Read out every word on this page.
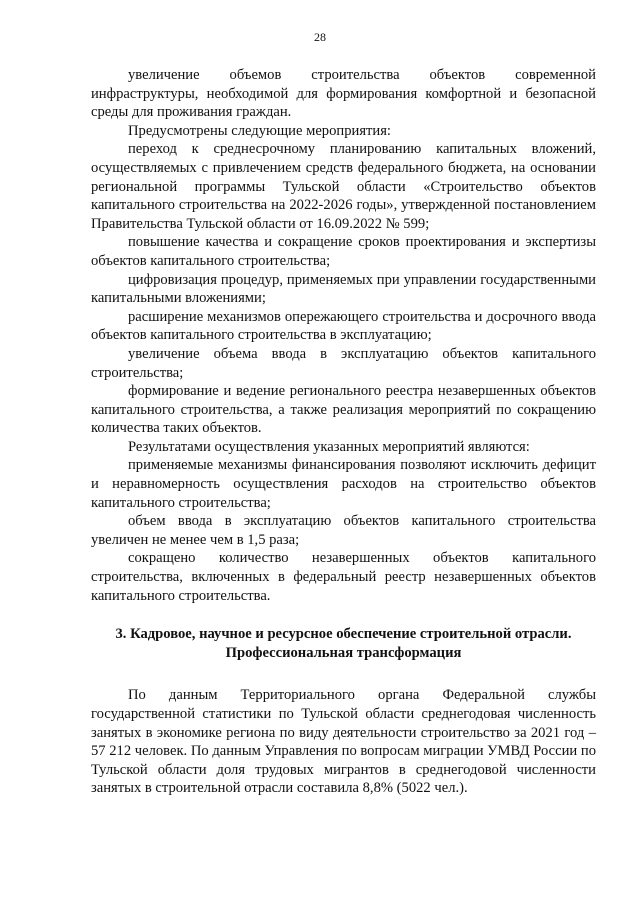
28

увеличение объемов строительства объектов современной инфраструктуры, необходимой для формирования комфортной и безопасной среды для проживания граждан.

Предусмотрены следующие мероприятия:

переход к среднесрочному планированию капитальных вложений, осуществляемых с привлечением средств федерального бюджета, на основании региональной программы Тульской области «Строительство объектов капитального строительства на 2022-2026 годы», утвержденной постановлением Правительства Тульской области от 16.09.2022 № 599;

повышение качества и сокращение сроков проектирования и экспертизы объектов капитального строительства;

цифровизация процедур, применяемых при управлении государственными капитальными вложениями;

расширение механизмов опережающего строительства и досрочного ввода объектов капитального строительства в эксплуатацию;

увеличение объема ввода в эксплуатацию объектов капитального строительства;

формирование и ведение регионального реестра незавершенных объектов капитального строительства, а также реализация мероприятий по сокращению количества таких объектов.

Результатами осуществления указанных мероприятий являются:

применяемые механизмы финансирования позволяют исключить дефицит и неравномерность осуществления расходов на строительство объектов капитального строительства;

объем ввода в эксплуатацию объектов капитального строительства увеличен не менее чем в 1,5 раза;

сокращено количество незавершенных объектов капитального строительства, включенных в федеральный реестр незавершенных объектов капитального строительства.

3. Кадровое, научное и ресурсное обеспечение строительной отрасли.
Профессиональная трансформация

По данным Территориального органа Федеральной службы государственной статистики по Тульской области среднегодовая численность занятых в экономике региона по виду деятельности строительство за 2021 год – 57 212 человек. По данным Управления по вопросам миграции УМВД России по Тульской области доля трудовых мигрантов в среднегодовой численности занятых в строительной отрасли составила 8,8% (5022 чел.).
